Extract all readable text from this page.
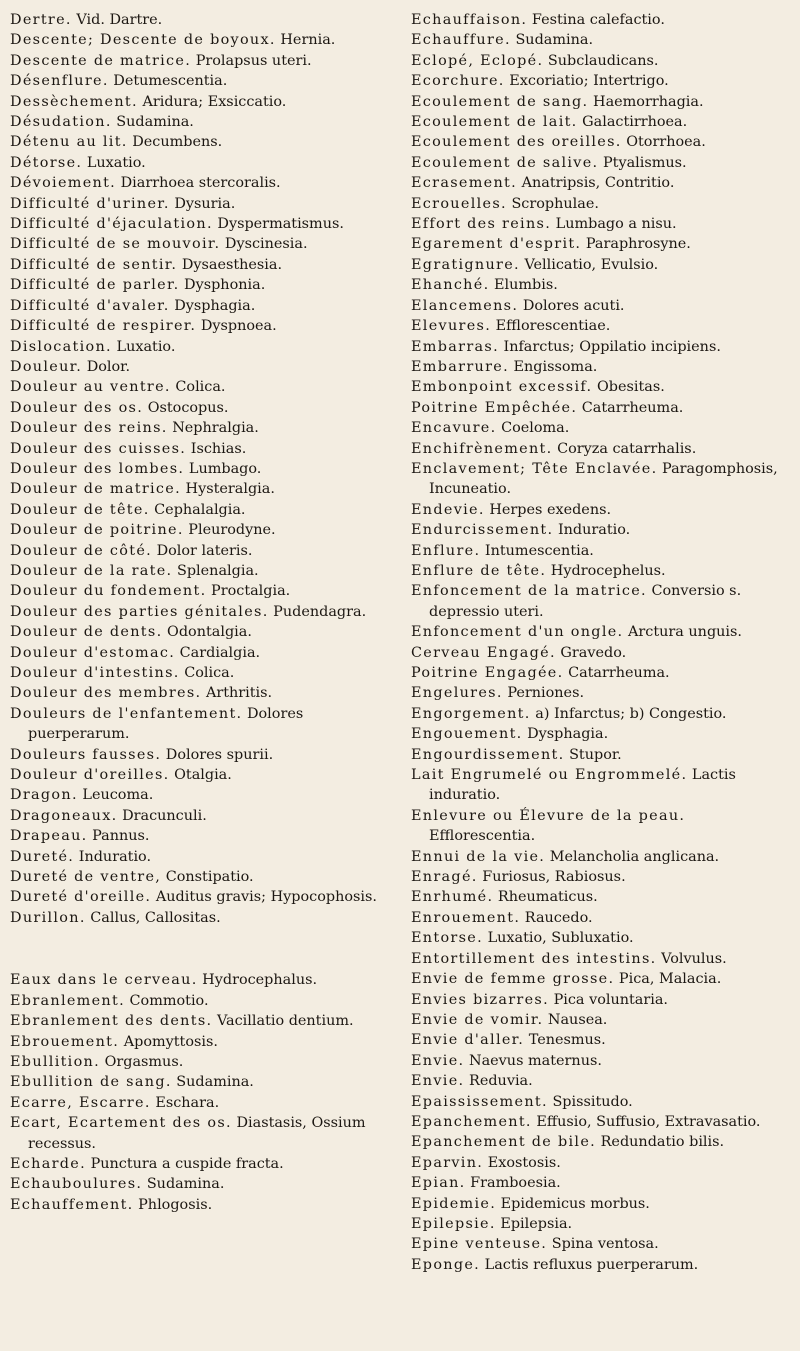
Dertre. Vid. Dartre.
Descente; Descente de boyoux. Hernia.
Descente de matrice. Prolapsus uteri.
Désenflure. Detumescentia.
Dessèchement. Aridura; Exsiccatio.
Désudation. Sudamina.
Détenu au lit. Decumbens.
Détorse. Luxatio.
Dévoiement. Diarrhoea stercoralis.
Difficulté d'uriner. Dysuria.
Difficulté d'éjaculation. Dyspermatismus.
Difficulté de se mouvoir. Dyscinesia.
Difficulté de sentir. Dysaesthesia.
Difficulté de parler. Dysphonia.
Difficulté d'avaler. Dysphagia.
Difficulté de respirer. Dyspnoea.
Dislocation. Luxatio.
Douleur. Dolor.
Douleur au ventre. Colica.
Douleur des os. Ostocopus.
Douleur des reins. Nephralgia.
Douleur des cuisses. Ischias.
Douleur des lombes. Lumbago.
Douleur de matrice. Hysteralgia.
Douleur de tête. Cephalalgia.
Douleur de poitrine. Pleurodyne.
Douleur de côté. Dolor lateris.
Douleur de la rate. Splenalgia.
Douleur du fondement. Proctalgia.
Douleur des parties génitales. Pudendagra.
Douleur de dents. Odontalgia.
Douleur d'estomac. Cardialgia.
Douleur d'intestins. Colica.
Douleur des membres. Arthritis.
Douleurs de l'enfantement. Dolores puerperarum.
Douleurs fausses. Dolores spurii.
Douleur d'oreilles. Otalgia.
Dragon. Leucoma.
Dragoneaux. Dracunculi.
Drapeau. Pannus.
Dureté. Induratio.
Dureté de ventre, Constipatio.
Dureté d'oreille. Auditus gravis; Hypocophosis.
Durillon. Callus, Callositas.
Eaux dans le cerveau. Hydrocephalus.
Ebranlement. Commotio.
Ebranlement des dents. Vacillatio dentium.
Ebrouement. Apomyttosis.
Ebullition. Orgasmus.
Ebullition de sang. Sudamina.
Ecarre, Escarre. Eschara.
Ecart, Ecartement des os. Diastasis, Ossium recessus.
Echarde. Punctura a cuspide fracta.
Echauboulures. Sudamina.
Echauffement. Phlogosis.
Echauffaison. Festina calefactio.
Echauffure. Sudamina.
Eclopé, Eclopé. Subclaudicans.
Ecorchure. Excoriatio; Intertrigo.
Ecoulement de sang. Haemorrhagia.
Ecoulement de lait. Galactirrhoea.
Ecoulement des oreilles. Otorrhoea.
Ecoulement de salive. Ptyalismus.
Ecrasement. Anatripsis, Contritio.
Ecrouelles. Scrophulae.
Effort des reins. Lumbago a nisu.
Egarement d'esprit. Paraphrosyne.
Egratignure. Vellicatio, Evulsio.
Ehanché. Elumbis.
Elancemens. Dolores acuti.
Elevures. Efflorescentiae.
Embarras. Infarctus; Oppilatio incipiens.
Embarrure. Engissoma.
Embonpoint excessif. Obesitas.
Poitrine Empêchée. Catarrheuma.
Encavure. Coeloma.
Enchifrènement. Coryza catarrhalis.
Enclavement; Tête Enclavée. Paragomphosis, Incuneatio.
Endevie. Herpes exedens.
Endurcissement. Induratio.
Enflure. Intumescentia.
Enflure de tête. Hydrocephelus.
Enfoncement de la matrice. Conversio s. depressio uteri.
Enfoncement d'un ongle. Arctura unguis.
Cerveau Engagé. Gravedo.
Poitrine Engagée. Catarrheuma.
Engelures. Perniones.
Engorgement. a) Infarctus; b) Congestio.
Engouement. Dysphagia.
Engourdissement. Stupor.
Lait Engrumelé ou Engrommelé. Lactis induratio.
Enlevure ou Élevure de la peau. Efflorescentia.
Ennui de la vie. Melancholia anglicana.
Enragé. Furiosus, Rabiosus.
Enrhumé. Rheumaticus.
Enrouement. Raucedo.
Entorse. Luxatio, Subluxatio.
Entortillement des intestins. Volvulus.
Envie de femme grosse. Pica, Malacia.
Envies bizarres. Pica voluntaria.
Envie de vomir. Nausea.
Envie d'aller. Tenesmus.
Envie. Naevus maternus.
Envie. Reduvia.
Epaississement. Spissitudo.
Epanchement. Effusio, Suffusio, Extravasatio.
Epanchement de bile. Redundatio bilis.
Eparvin. Exostosis.
Epian. Framboesia.
Epidemie. Epidemicus morbus.
Epilepsie. Epilepsia.
Epine venteuse. Spina ventosa.
Eponge. Lactis refluxus puerperarum.
